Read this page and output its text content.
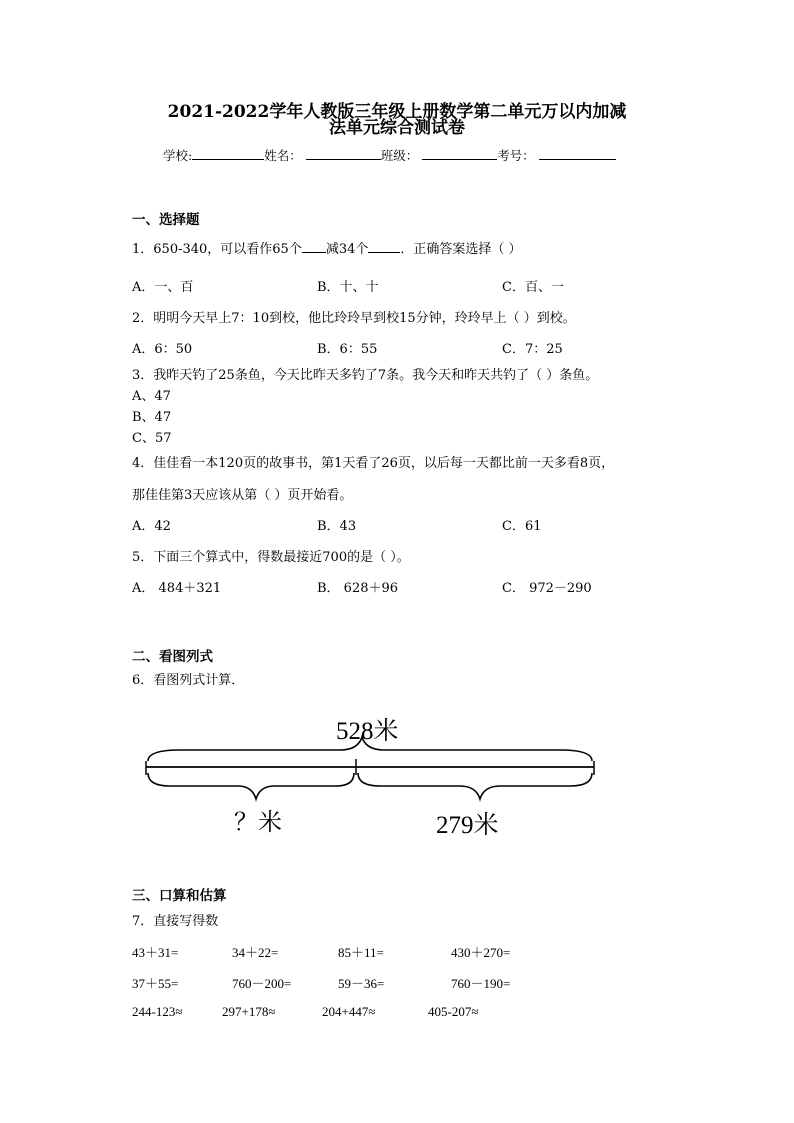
2021-2022学年人教版三年级上册数学第二单元万以内加减
法单元综合测试卷
学校:	姓名：	班级：	考号：
一、选择题
1．650-340，可以看作65个 减34个 ．正确答案选择（ ）
A．一、百	B．十、十	C．百、一
2．明明今天早上7：10到校，他比玲玲早到校15分钟，玲玲早上（ ）到校。
A．6：50	B．6：55	C．7：25
3．我昨天钓了25条鱼，今天比昨天多钓了7条。我今天和昨天共钓了（ ）条鱼。
A、47
B、47
C、57
4．佳佳看一本120页的故事书，第1天看了26页，以后每一天都比前一天多看8页，
那佳佳第3天应该从第（ ）页开始看。
A．42	B．43	C．61
5．下面三个算式中，得数最接近700的是（ ）。
A． 484＋321	B． 628＋96	C． 972－290
二、看图列式
6．看图列式计算．
528米
？米	279米
三、口算和估算
7．直接写得数
43＋31=	34＋22=	85＋11=	430＋270=
37＋55=	760－200=	59－36=	760－190=
244-123≈	297+178≈	204+447≈	405-207≈
